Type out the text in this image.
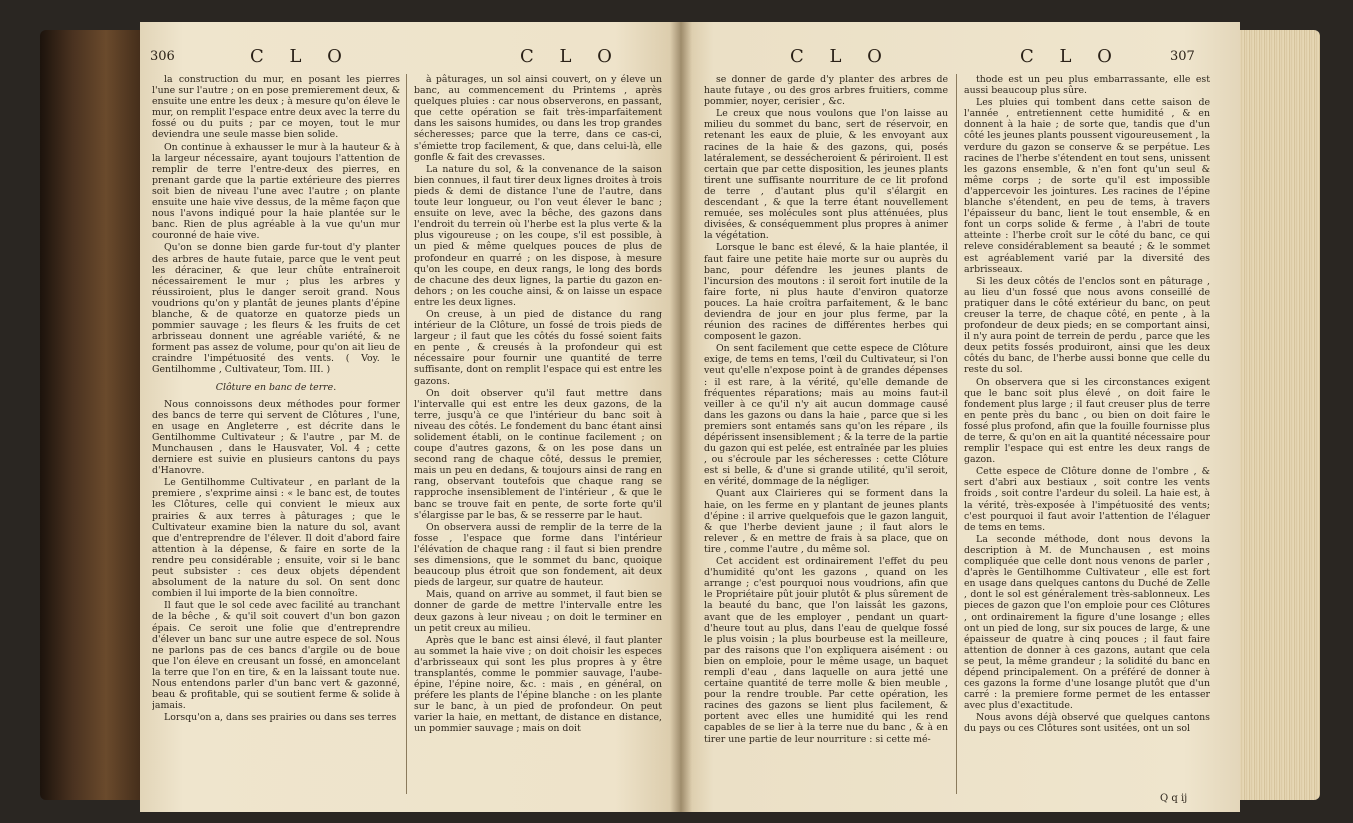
306	C L O	C L O

la construction du mur, en posant les pierres l'une sur l'autre ; on en pose premierement deux, & ensuite une entre les deux ; à mesure qu'on éleve le mur, on remplit l'espace entre deux avec la terre du fossé ou du puits ; par ce moyen, tout le mur deviendra une seule masse bien solide.

On continue à exhausser le mur à la hauteur & à la largeur nécessaire, ayant toujours l'attention de remplir de terre l'entre-deux des pierres, en prenant garde que la partie extérieure des pierres soit bien de niveau l'une avec l'autre ; on plante ensuite une haie vive dessus, de la même façon que nous l'avons indiqué pour la haie plantée sur le banc. Rien de plus agréable à la vue qu'un mur couronné de haie vive.

Qu'on se donne bien garde fur-tout d'y planter des arbres de haute futaie, parce que le vent peut les déraciner, & que leur chûte entraîneroit nécessairement le mur ; plus les arbres y réussiroient, plus le danger seroit grand. Nous voudrions qu'on y plantât de jeunes plants d'épine blanche, & de quatorze en quatorze pieds un pommier sauvage ; les fleurs & les fruits de cet arbrisseau donnent une agréable variété, & ne forment pas assez de volume, pour qu'on ait lieu de craindre l'impétuosité des vents. ( Voy. le Gentilhomme , Cultivateur, Tom. III. )

Clôture en banc de terre.

Nous connoissons deux méthodes pour former des bancs de terre qui servent de Clôtures , l'une, en usage en Angleterre , est décrite dans le Gentilhomme Cultivateur ; & l'autre , par M. de Munchausen , dans le Hausvater, Vol. 4 ; cette derniere est suivie en plusieurs cantons du pays d'Hanovre.

Le Gentilhomme Cultivateur , en parlant de la premiere , s'exprime ainsi : « le banc est, de toutes les Clôtures, celle qui convient le mieux aux prairies & aux terres à pâturages ; que le Cultivateur examine bien la nature du sol, avant que d'entreprendre de l'élever. Il doit d'abord faire attention à la dépense, & faire en sorte de la rendre peu considérable ; ensuite, voir si le banc peut subsister : ces deux objets dépendent absolument de la nature du sol. On sent donc combien il lui importe de la bien connoître.

Il faut que le sol cede avec facilité au tranchant de la bêche , & qu'il soit couvert d'un bon gazon épais. Ce seroit une folie que d'entreprendre d'élever un banc sur une autre espece de sol. Nous ne parlons pas de ces bancs d'argile ou de boue que l'on éleve en creusant un fossé, en amoncelant la terre que l'on en tire, & en la laissant toute nue. Nous entendons parler d'un banc vert & gazonné, beau & profitable, qui se soutient ferme & solide à jamais.

Lorsqu'on a, dans ses prairies ou dans ses terres

à pâturages, un sol ainsi couvert, on y éleve un banc, au commencement du Printems , après quelques pluies : car nous observerons, en passant, que cette opération se fait très-imparfaitement dans les saisons humides, ou dans les trop grandes sécheresses; parce que la terre, dans ce cas-ci, s'émiette trop facilement, & que, dans celui-là, elle gonfle & fait des crevasses.

La nature du sol, & la convenance de la saison bien connues, il faut tirer deux lignes droites à trois pieds & demi de distance l'une de l'autre, dans toute leur longueur, ou l'on veut élever le banc ; ensuite on leve, avec la bêche, des gazons dans l'endroit du terrein où l'herbe est la plus verte & la plus vigoureuse ; on les coupe, s'il est possible, à un pied & même quelques pouces de plus de profondeur en quarré ; on les dispose, à mesure qu'on les coupe, en deux rangs, le long des bords de chacune des deux lignes, la partie du gazon en-dehors ; on les couche ainsi, & on laisse un espace entre les deux lignes.

On creuse, à un pied de distance du rang intérieur de la Clôture, un fossé de trois pieds de largeur ; il faut que les côtés du fossé soient faits en pente , & creusés à la profondeur qui est nécessaire pour fournir une quantité de terre suffisante, dont on remplit l'espace qui est entre les gazons.

On doit observer qu'il faut mettre dans l'intervalle qui est entre les deux gazons, de la terre, jusqu'à ce que l'intérieur du banc soit à niveau des côtés. Le fondement du banc étant ainsi solidement établi, on le continue facilement ; on coupe d'autres gazons, & on les pose dans un second rang de chaque côté, dessus le premier, mais un peu en dedans, & toujours ainsi de rang en rang, observant toutefois que chaque rang se rapproche insensiblement de l'intérieur , & que le banc se trouve fait en pente, de sorte forte qu'il s'élargisse par le bas, & se resserre par le haut.

On observera aussi de remplir de la terre de la fosse , l'espace que forme dans l'intérieur l'élévation de chaque rang : il faut si bien prendre ses dimensions, que le sommet du banc, quoique beaucoup plus étroit que son fondement, ait deux pieds de largeur, sur quatre de hauteur.

Mais, quand on arrive au sommet, il faut bien se donner de garde de mettre l'intervalle entre les deux gazons à leur niveau ; on doit le terminer en un petit creux au milieu.

Après que le banc est ainsi élevé, il faut planter au sommet la haie vive ; on doit choisir les especes d'arbrisseaux qui sont les plus propres à y être transplantés, comme le pommier sauvage, l'aube-épine, l'épine noire, &c. : mais , en général, on préfere les plants de l'épine blanche : on les plante sur le banc, à un pied de profondeur. On peut varier la haie, en mettant, de distance en distance, un pommier sauvage ; mais on doit

C L O	C L O	307

se donner de garde d'y planter des arbres de haute futaye , ou des gros arbres fruitiers, comme pommier, noyer, cerisier , &c.

Le creux que nous voulons que l'on laisse au milieu du sommet du banc, sert de réservoir, en retenant les eaux de pluie, & les envoyant aux racines de la haie & des gazons, qui, posés latéralement, se dessécheroient & périroient. Il est certain que par cette disposition, les jeunes plants tirent une suffisante nourriture de ce lit profond de terre , d'autant plus qu'il s'élargit en descendant , & que la terre étant nouvellement remuée, ses molécules sont plus atténuées, plus divisées, & conséquemment plus propres à animer la végétation.

Lorsque le banc est élevé, & la haie plantée, il faut faire une petite haie morte sur ou auprès du banc, pour défendre les jeunes plants de l'incursion des moutons : il seroit fort inutile de la faire forte, ni plus haute d'environ quatorze pouces. La haie croîtra parfaitement, & le banc deviendra de jour en jour plus ferme, par la réunion des racines de différentes herbes qui composent le gazon.

On sent facilement que cette espece de Clôture exige, de tems en tems, l'œil du Cultivateur, si l'on veut qu'elle n'expose point à de grandes dépenses : il est rare, à la vérité, qu'elle demande de fréquentes réparations; mais au moins faut-il veiller à ce qu'il n'y ait aucun dommage causé dans les gazons ou dans la haie , parce que si les premiers sont entamés sans qu'on les répare , ils dépérissent insensiblement ; & la terre de la partie du gazon qui est pelée, est entraînée par les pluies , ou s'écroule par les sécheresses : cette Clôture est si belle, & d'une si grande utilité, qu'il seroit, en vérité, dommage de la négliger.

Quant aux Clairieres qui se forment dans la haie, on les ferme en y plantant de jeunes plants d'épine : il arrive quelquefois que le gazon languit, & que l'herbe devient jaune ; il faut alors le relever , & en mettre de frais à sa place, que on tire , comme l'autre , du même sol.

Cet accident est ordinairement l'effet du peu d'humidité qu'ont les gazons , quand on les arrange ; c'est pourquoi nous voudrions, afin que le Propriétaire pût jouir plutôt & plus sûrement de la beauté du banc, que l'on laissât les gazons, avant que de les employer , pendant un quart-d'heure tout au plus, dans l'eau de quelque fossé le plus voisin ; la plus bourbeuse est la meilleure, par des raisons que l'on expliquera aisément : ou bien on emploie, pour le même usage, un baquet rempli d'eau , dans laquelle on aura jetté une certaine quantité de terre molle & bien meuble , pour la rendre trouble. Par cette opération, les racines des gazons se lient plus facilement, & portent avec elles une humidité qui les rend capables de se lier à la terre nue du banc , & à en tirer une partie de leur nourriture : si cette mé-

thode est un peu plus embarrassante, elle est aussi beaucoup plus sûre.

Les pluies qui tombent dans cette saison de l'année , entretiennent cette humidité , & en donnent à la haie ; de sorte que, tandis que d'un côté les jeunes plants poussent vigoureusement , la verdure du gazon se conserve & se perpétue. Les racines de l'herbe s'étendent en tout sens, unissent les gazons ensemble, & n'en font qu'un seul & même corps ; de sorte qu'il est impossible d'appercevoir les jointures. Les racines de l'épine blanche s'étendent, en peu de tems, à travers l'épaisseur du banc, lient le tout ensemble, & en font un corps solide & ferme , à l'abri de toute atteinte : l'herbe croît sur le côté du banc, ce qui releve considérablement sa beauté ; & le sommet est agréablement varié par la diversité des arbrisseaux.

Si les deux côtés de l'enclos sont en pâturage , au lieu d'un fossé que nous avons conseillé de pratiquer dans le côté extérieur du banc, on peut creuser la terre, de chaque côté, en pente , à la profondeur de deux pieds; en se comportant ainsi, il n'y aura point de terrein de perdu , parce que les deux petits fossés produiront, ainsi que les deux côtés du banc, de l'herbe aussi bonne que celle du reste du sol.

On observera que si les circonstances exigent que le banc soit plus élevé , on doit faire le fondement plus large ; il faut creuser plus de terre en pente près du banc , ou bien on doit faire le fossé plus profond, afin que la fouille fournisse plus de terre, & qu'on en ait la quantité nécessaire pour remplir l'espace qui est entre les deux rangs de gazon.

Cette espece de Clôture donne de l'ombre , & sert d'abri aux bestiaux , soit contre les vents froids , soit contre l'ardeur du soleil. La haie est, à la vérité, très-exposée à l'impétuosité des vents; c'est pourquoi il faut avoir l'attention de l'élaguer de tems en tems.

La seconde méthode, dont nous devons la description à M. de Munchausen , est moins compliquée que celle dont nous venons de parler , d'après le Gentilhomme Cultivateur , elle est fort en usage dans quelques cantons du Duché de Zelle , dont le sol est généralement très-sablonneux. Les pieces de gazon que l'on emploie pour ces Clôtures , ont ordinairement la figure d'une losange ; elles ont un pied de long, sur six pouces de large, & une épaisseur de quatre à cinq pouces ; il faut faire attention de donner à ces gazons, autant que cela se peut, la même grandeur ; la solidité du banc en dépend principalement. On a préféré de donner à ces gazons la forme d'une losange plutôt que d'un carré : la premiere forme permet de les entasser avec plus d'exactitude.

Nous avons déjà observé que quelques cantons du pays ou ces Clôtures sont usitées, ont un sol

Q q ij
